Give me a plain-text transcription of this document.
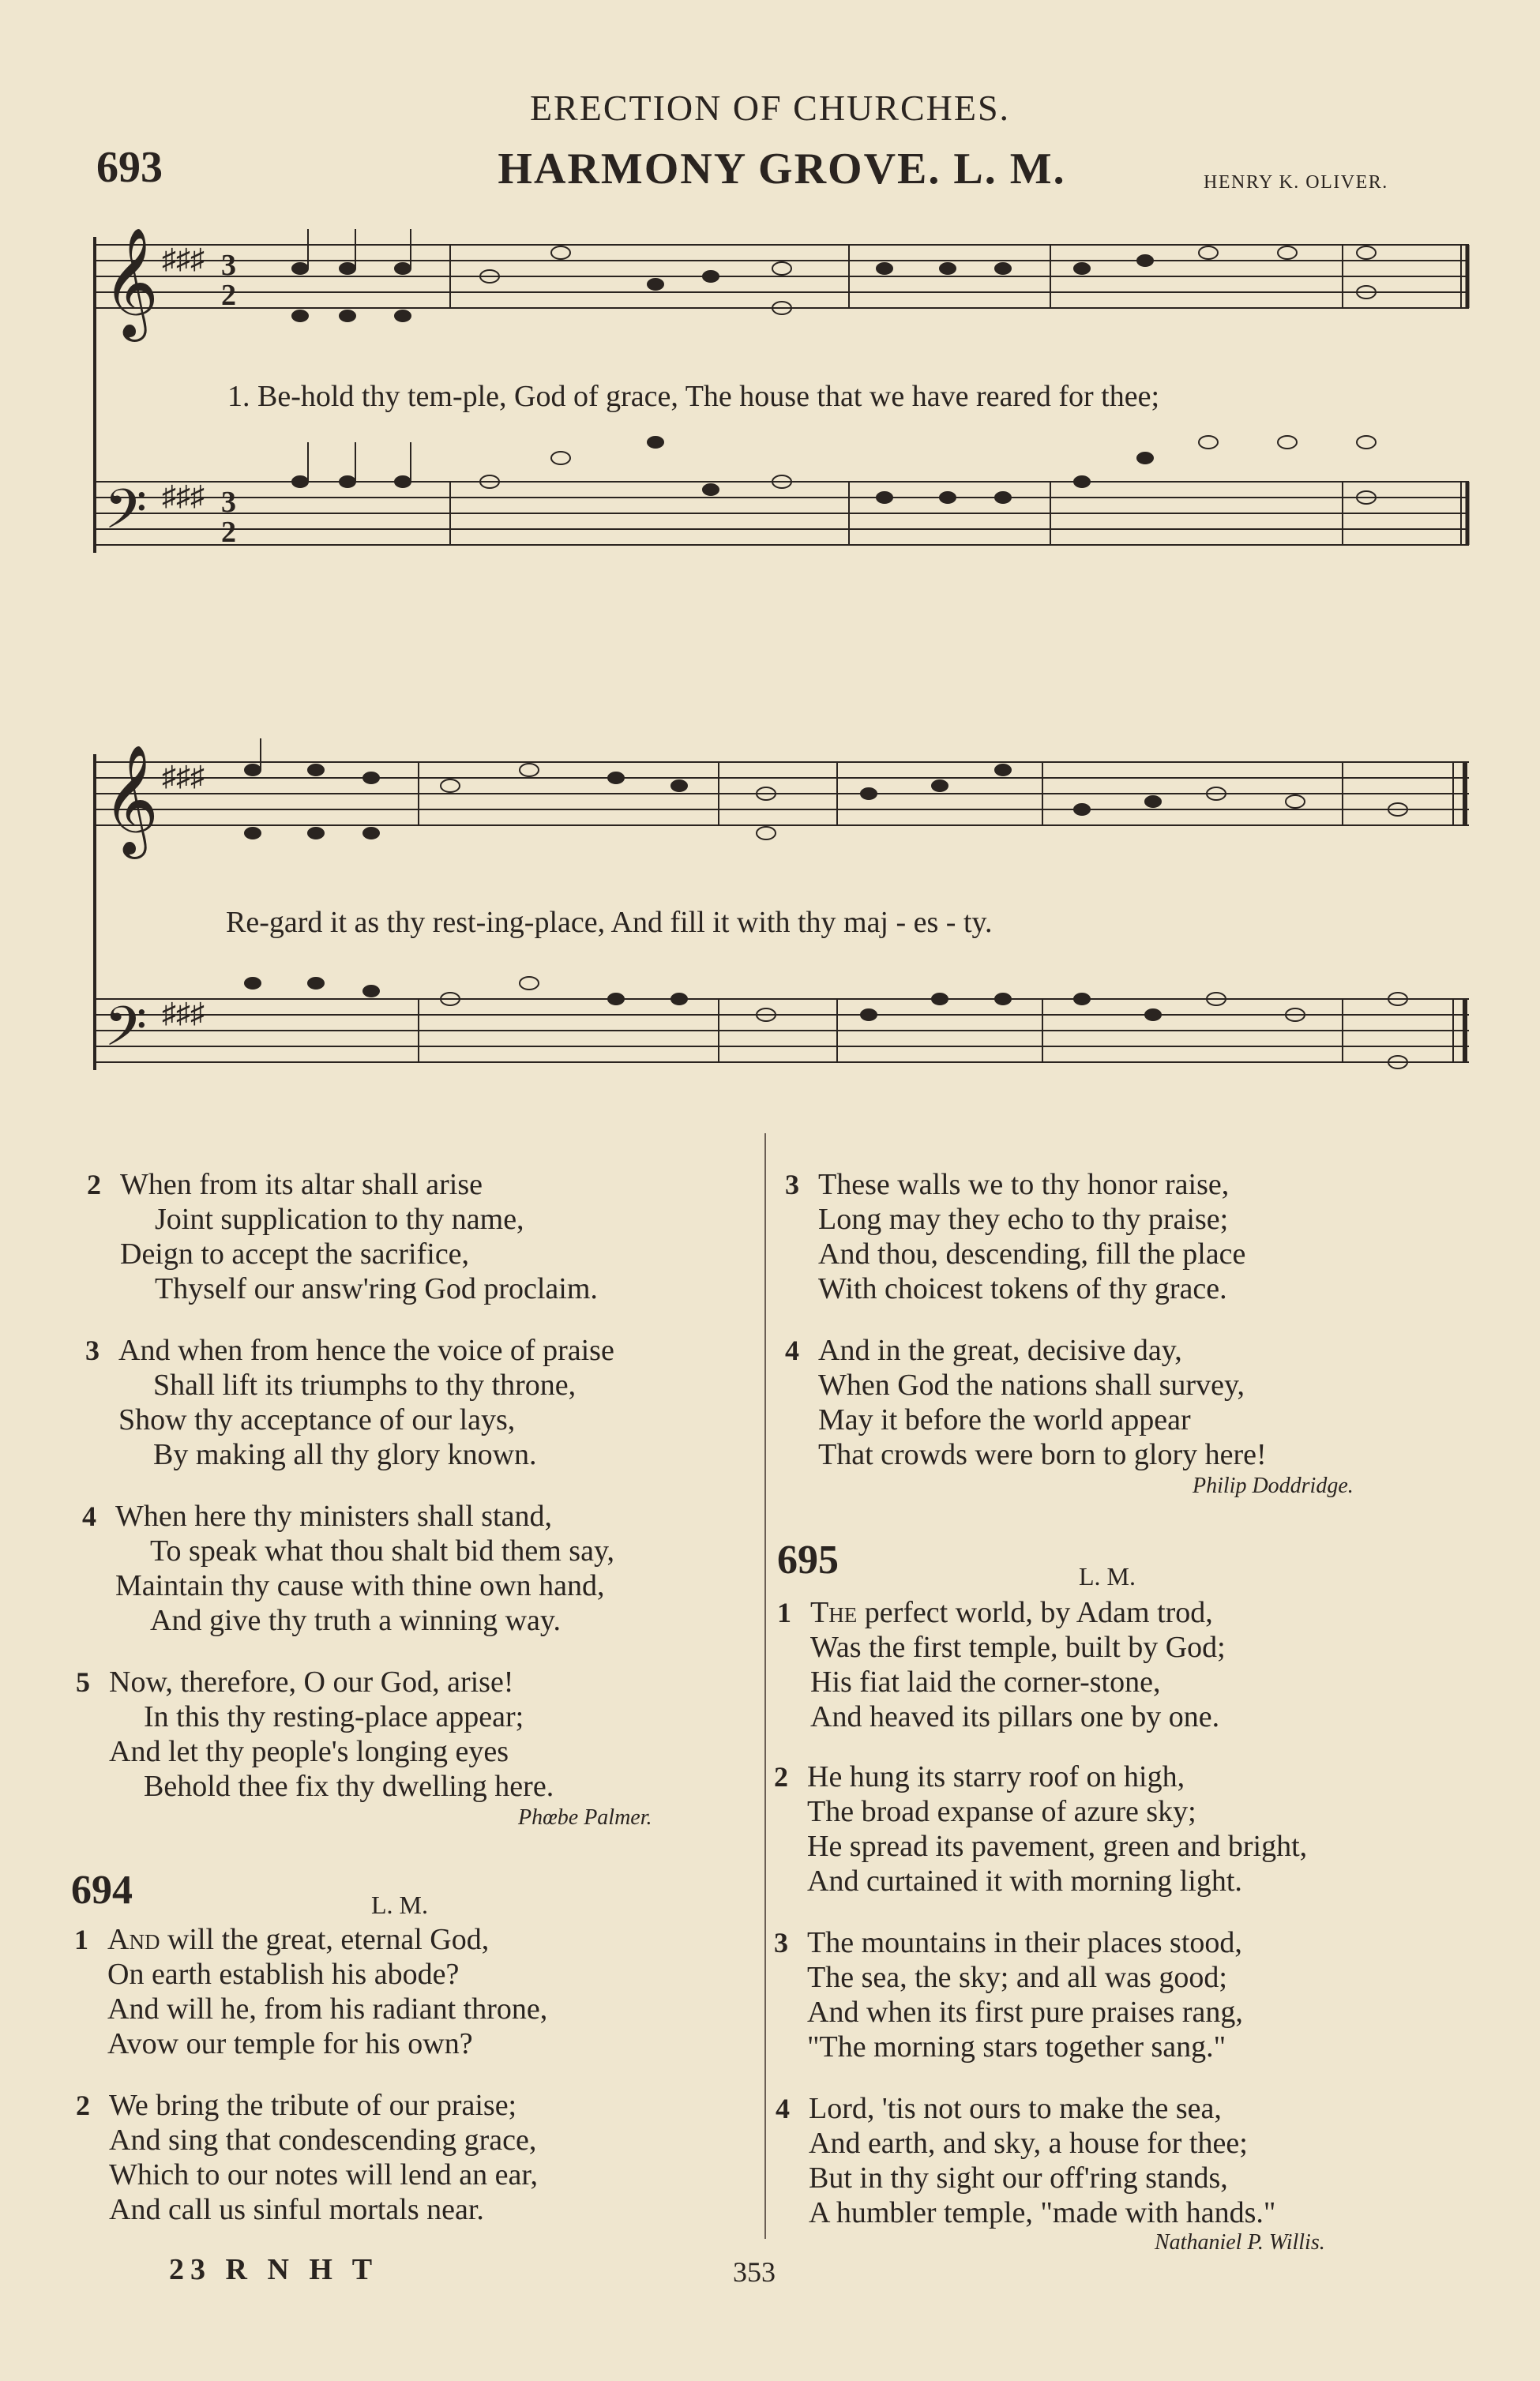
ERECTION OF CHURCHES.
693	HARMONY GROVE. L. M.	HENRY K. OLIVER.
𝄞
𝄢
♯♯♯
♯♯♯
3
2
3
2
1. Be-hold thy tem-ple, God of grace, The house that we have reared for thee;
𝄞
𝄢
♯♯♯
♯♯♯
Re-gard it as thy rest-ing-place, And fill it with thy maj - es - ty.
2 When from its altar shall arise
Joint supplication to thy name,
Deign to accept the sacrifice,
Thyself our answ'ring God proclaim.
3 And when from hence the voice of praise
Shall lift its triumphs to thy throne,
Show thy acceptance of our lays,
By making all thy glory known.
4 When here thy ministers shall stand,
To speak what thou shalt bid them say,
Maintain thy cause with thine own hand,
And give thy truth a winning way.
5 Now, therefore, O our God, arise!
In this thy resting-place appear;
And let thy people's longing eyes
Behold thee fix thy dwelling here.
Phœbe Palmer.
694	L. M.
1 And will the great, eternal God,
On earth establish his abode?
And will he, from his radiant throne,
Avow our temple for his own?
2 We bring the tribute of our praise;
And sing that condescending grace,
Which to our notes will lend an ear,
And call us sinful mortals near.
3 These walls we to thy honor raise,
Long may they echo to thy praise;
And thou, descending, fill the place
With choicest tokens of thy grace.
4 And in the great, decisive day,
When God the nations shall survey,
May it before the world appear
That crowds were born to glory here!
Philip Doddridge.
695	L. M.
1 The perfect world, by Adam trod,
Was the first temple, built by God;
His fiat laid the corner-stone,
And heaved its pillars one by one.
2 He hung its starry roof on high,
The broad expanse of azure sky;
He spread its pavement, green and bright,
And curtained it with morning light.
3 The mountains in their places stood,
The sea, the sky; and all was good;
And when its first pure praises rang,
"The morning stars together sang."
4 Lord, 'tis not ours to make the sea,
And earth, and sky, a house for thee;
But in thy sight our off'ring stands,
A humbler temple, "made with hands."
Nathaniel P. Willis.
23 R N H T	353
